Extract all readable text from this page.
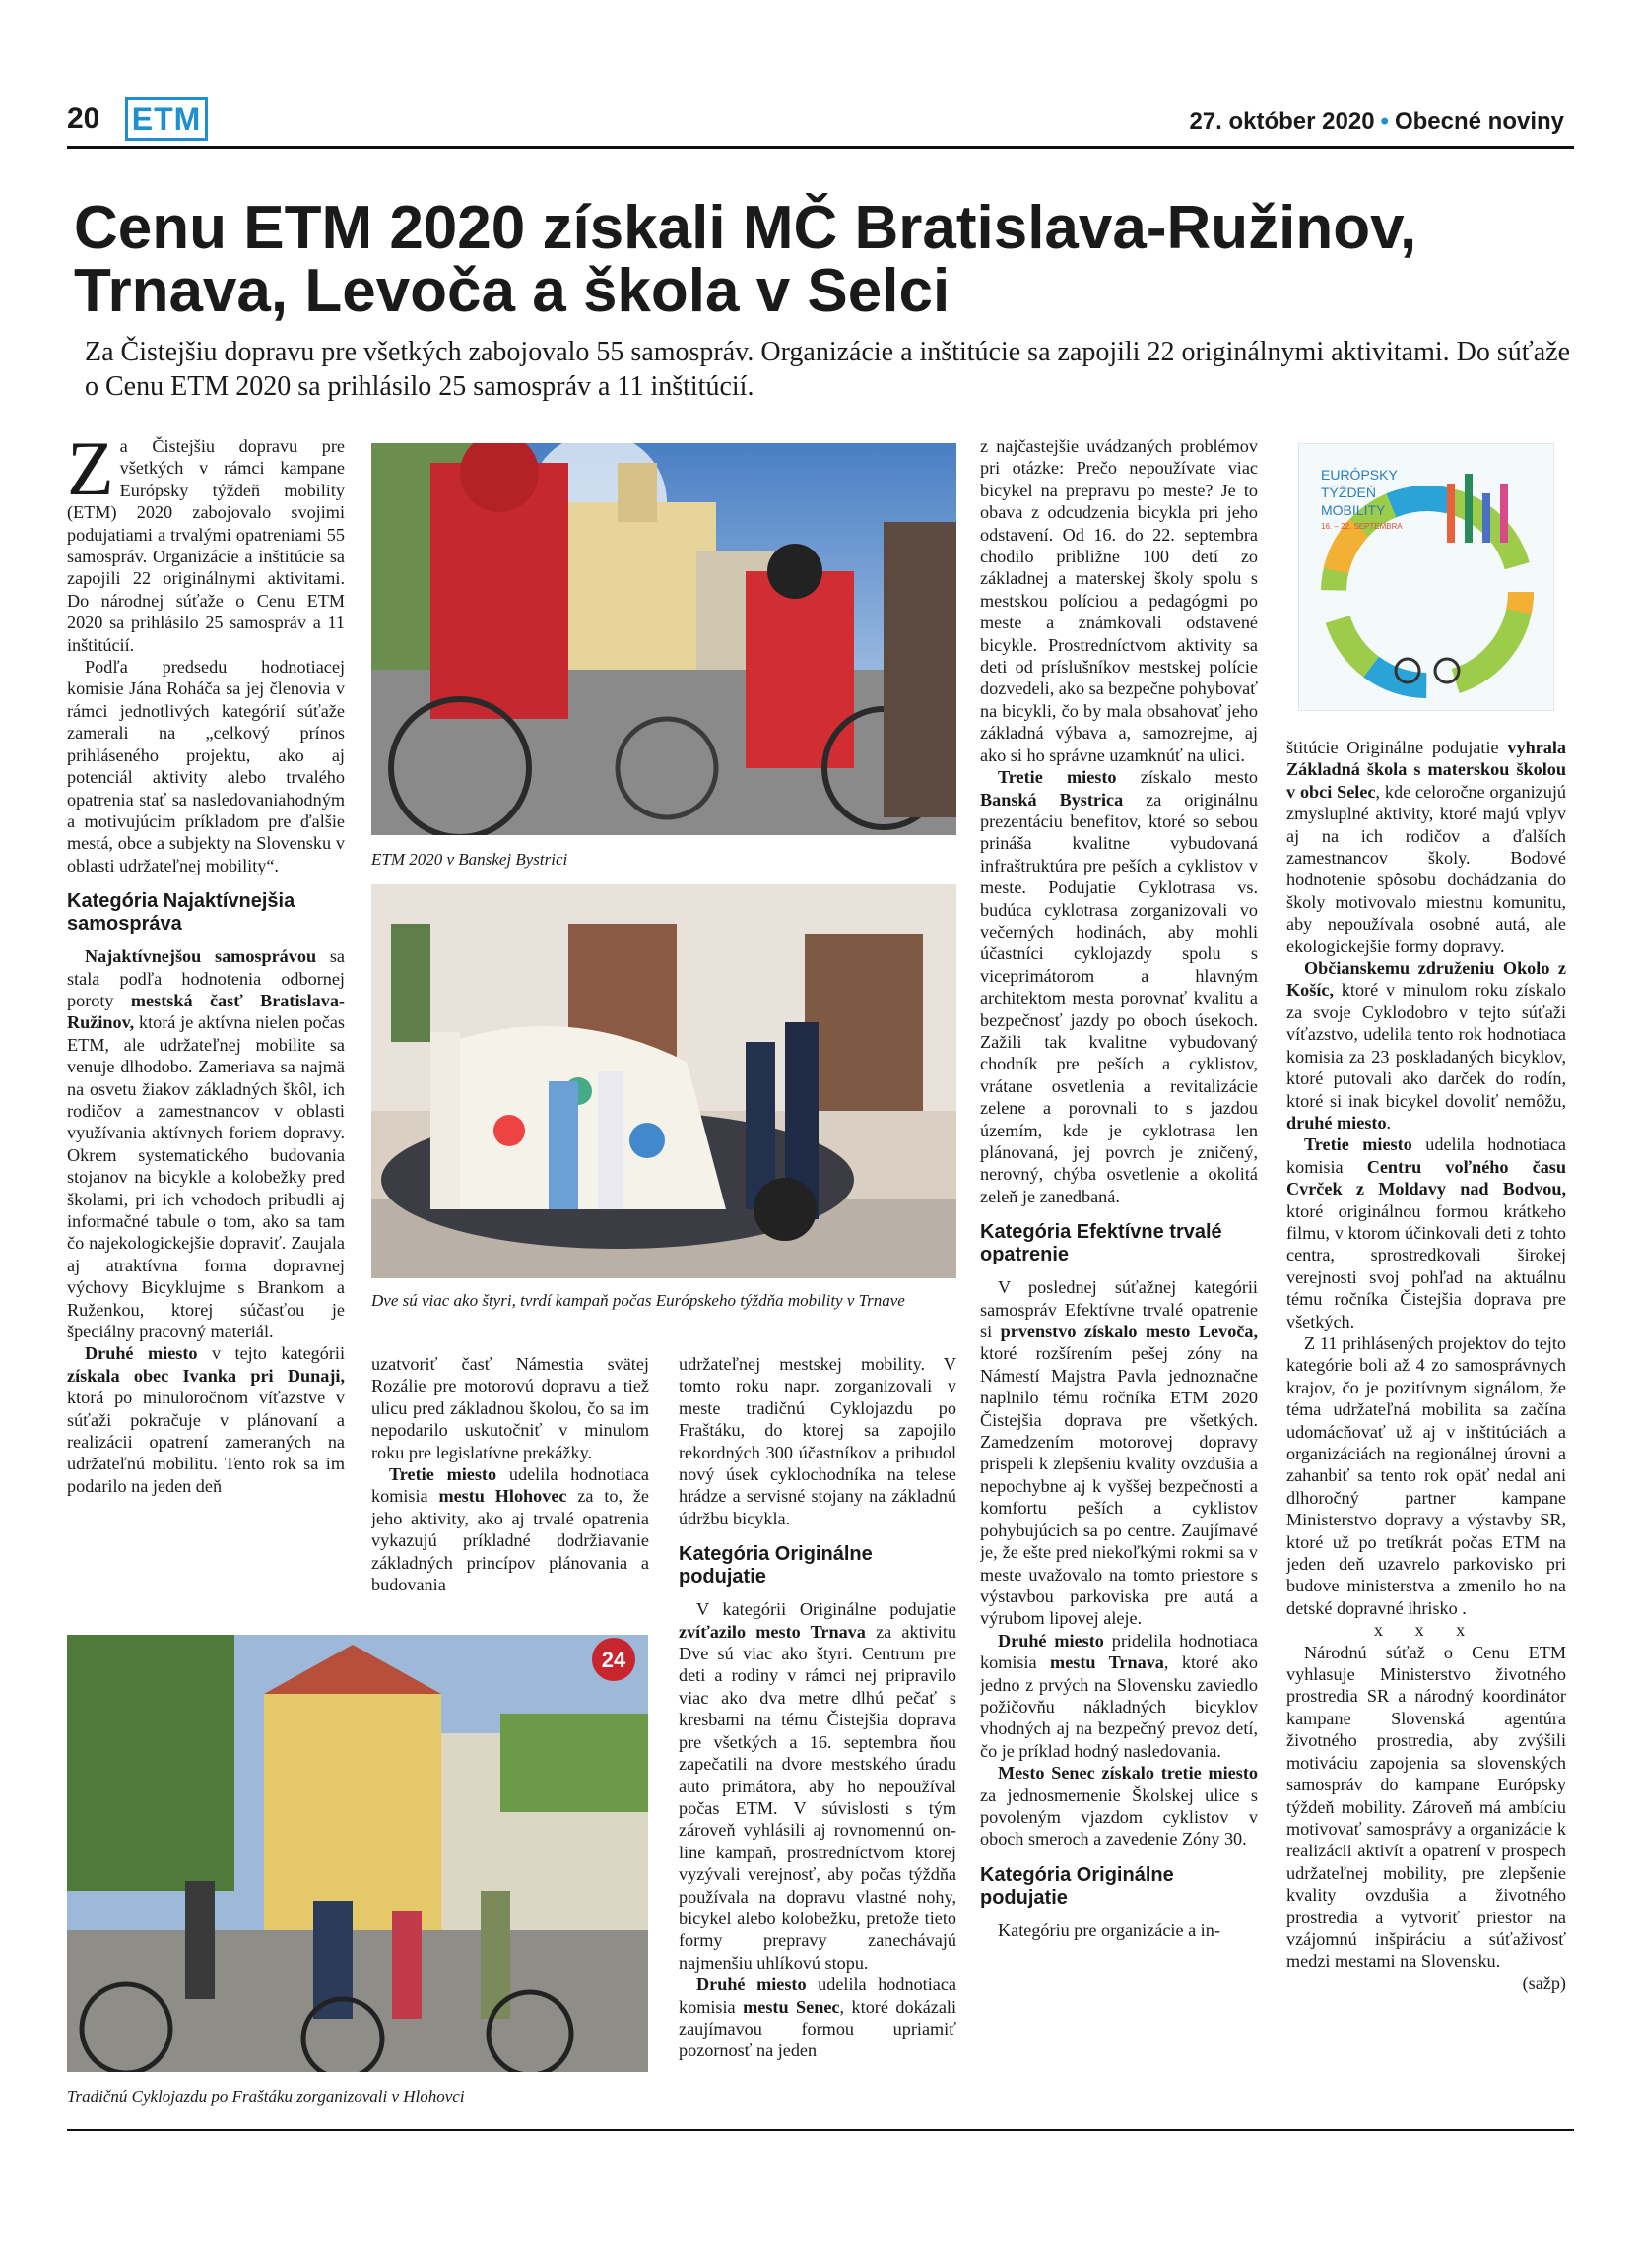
20 ETM	27. október 2020 • Obecné noviny
Cenu ETM 2020 získali MČ Bratislava-Ružinov, Trnava, Levoča a škola v Selci

Za Čistejšiu dopravu pre všetkých zabojovalo 55 samospráv. Organizácie a inštitúcie sa zapojili 22 originálnymi aktivitami. Do súťaže o Cenu ETM 2020 sa prihlásilo 25 samospráv a 11 inštitúcií.

Za Čistejšiu dopravu pre všetkých v rámci kampane Európsky týždeň mobility (ETM) 2020 zabojovalo svojimi podujatiami a trvalými opatreniami 55 samospráv. Organizácie a inštitúcie sa zapojili 22 originálnymi aktivitami. Do národnej súťaže o Cenu ETM 2020 sa prihlásilo 25 samospráv a 11 inštitúcií.

Podľa predsedu hodnotiacej komisie Jána Roháča sa jej členovia v rámci jednotlivých kategórií súťaže zamerali na „celkový prínos prihláseného projektu, ako aj potenciál aktivity alebo trvalého opatrenia stať sa nasledovaniahodným a motivujúcim príkladom pre ďalšie mestá, obce a subjekty na Slovensku v oblasti udržateľnej mobility“.

Kategória Najaktívnejšia samospráva

Najaktívnejšou samosprávou sa stala podľa hodnotenia odbornej poroty mestská časť Bratislava-Ružinov, ktorá je aktívna nielen počas ETM, ale udržateľnej mobilite sa venuje dlhodobo. Zameriava sa najmä na osvetu žiakov základných škôl, ich rodičov a zamestnancov v oblasti využívania aktívnych foriem dopravy. Okrem systematického budovania stojanov na bicykle a kolobežky pred školami, pri ich vchodoch pribudli aj informačné tabule o tom, ako sa tam čo najekologickejšie dopraviť. Zaujala aj atraktívna forma dopravnej výchovy Bicyklujme s Brankom a Ruženkou, ktorej súčasťou je špeciálny pracovný materiál.

Druhé miesto v tejto kategórii získala obec Ivanka pri Dunaji, ktorá po minuloročnom víťazstve v súťaži pokračuje v plánovaní a realizácii opatrení zameraných na udržateľnú mobilitu. Tento rok sa im podarilo na jeden deň

ETM 2020 v Banskej Bystrici
Dve sú viac ako štyri, tvrdí kampaň počas Európskeho týždňa mobility v Trnave

uzatvoriť časť Námestia svätej Rozálie pre motorovú dopravu a tiež ulicu pred základnou školou, čo sa im nepodarilo uskutočniť v minulom roku pre legislatívne prekážky.

Tretie miesto udelila hodnotiaca komisia mestu Hlohovec za to, že jeho aktivity, ako aj trvalé opatrenia vykazujú príkladné dodržiavanie základných princípov plánovania a budovania

udržateľnej mestskej mobility. V tomto roku napr. zorganizovali v meste tradičnú Cyklojazdu po Fraštáku, do ktorej sa zapojilo rekordných 300 účastníkov a pribudol nový úsek cyklochodníka na telese hrádze a servisné stojany na základnú údržbu bicykla.

Kategória Originálne podujatie

V kategórii Originálne podujatie zvíťazilo mesto Trnava za aktivitu Dve sú viac ako štyri. Centrum pre deti a rodiny v rámci nej pripravilo viac ako dva metre dlhú pečať s kresbami na tému Čistejšia doprava pre všetkých a 16. septembra ňou zapečatili na dvore mestského úradu auto primátora, aby ho nepoužíval počas ETM. V súvislosti s tým zároveň vyhlásili aj rovnomennú on-line kampaň, prostredníctvom ktorej vyzývali verejnosť, aby počas týždňa používala na dopravu vlastné nohy, bicykel alebo kolobežku, pretože tieto formy prepravy zanechávajú najmenšiu uhlíkovú stopu.

Druhé miesto udelila hodnotiaca komisia mestu Senec, ktoré dokázali zaujímavou formou upriamiť pozornosť na jeden

24
Tradičnú Cyklojazdu po Fraštáku zorganizovali v Hlohovci

z najčastejšie uvádzaných problémov pri otázke: Prečo nepoužívate viac bicykel na prepravu po meste? Je to obava z odcudzenia bicykla pri jeho odstavení. Od 16. do 22. septembra chodilo približne 100 detí zo základnej a materskej školy spolu s mestskou políciou a pedagógmi po meste a známkovali odstavené bicykle. Prostredníctvom aktivity sa deti od príslušníkov mestskej polície dozvedeli, ako sa bezpečne pohybovať na bicykli, čo by mala obsahovať jeho základná výbava a, samozrejme, aj ako si ho správne uzamknúť na ulici.

Tretie miesto získalo mesto Banská Bystrica za originálnu prezentáciu benefitov, ktoré so sebou prináša kvalitne vybudovaná infraštruktúra pre peších a cyklistov v meste. Podujatie Cyklotrasa vs. budúca cyklotrasa zorganizovali vo večerných hodinách, aby mohli účastníci cyklojazdy spolu s viceprimátorom a hlavným architektom mesta porovnať kvalitu a bezpečnosť jazdy po oboch úsekoch. Zažili tak kvalitne vybudovaný chodník pre peších a cyklistov, vrátane osvetlenia a revitalizácie zelene a porovnali to s jazdou územím, kde je cyklotrasa len plánovaná, jej povrch je zničený, nerovný, chýba osvetlenie a okolitá zeleň je zanedbaná.

Kategória Efektívne trvalé opatrenie

V poslednej súťažnej kategórii samospráv Efektívne trvalé opatrenie si prvenstvo získalo mesto Levoča, ktoré rozšírením pešej zóny na Námestí Majstra Pavla jednoznačne naplnilo tému ročníka ETM 2020 Čistejšia doprava pre všetkých. Zamedzením motorovej dopravy prispeli k zlepšeniu kvality ovzdušia a nepochybne aj k vyššej bezpečnosti a komfortu peších a cyklistov pohybujúcich sa po centre. Zaujímavé je, že ešte pred niekoľkými rokmi sa v meste uvažovalo na tomto priestore s výstavbou parkoviska pre autá a výrubom lipovej aleje.

Druhé miesto pridelila hodnotiaca komisia mestu Trnava, ktoré ako jedno z prvých na Slovensku zaviedlo požičovňu nákladných bicyklov vhodných aj na bezpečný prevoz detí, čo je príklad hodný nasledovania.

Mesto Senec získalo tretie miesto za jednosmernenie Školskej ulice s povoleným vjazdom cyklistov v oboch smeroch a zavedenie Zóny 30.

Kategória Originálne podujatie

Kategóriu pre organizácie a in-

EURÓPSKY
TÝŽDEŇ
MOBILITY
16. – 22. SEPTEMBRA

štitúcie Originálne podujatie vyhrala Základná škola s materskou školou v obci Selec, kde celoročne organizujú zmysluplné aktivity, ktoré majú vplyv aj na ich rodičov a ďalších zamestnancov školy. Bodové hodnotenie spôsobu dochádzania do školy motivovalo miestnu komunitu, aby nepoužívala osobné autá, ale ekologickejšie formy dopravy.

Občianskemu združeniu Okolo z Košíc, ktoré v minulom roku získalo za svoje Cyklodobro v tejto súťaži víťazstvo, udelila tento rok hodnotiaca komisia za 23 poskladaných bicyklov, ktoré putovali ako darček do rodín, ktoré si inak bicykel dovoliť nemôžu, druhé miesto.

Tretie miesto udelila hodnotiaca komisia Centru voľného času Cvrček z Moldavy nad Bodvou, ktoré originálnou formou krátkeho filmu, v ktorom účinkovali deti z tohto centra, sprostredkovali širokej verejnosti svoj pohľad na aktuálnu tému ročníka Čistejšia doprava pre všetkých.

Z 11 prihlásených projektov do tejto kategórie boli až 4 zo samosprávnych krajov, čo je pozitívnym signálom, že téma udržateľná mobilita sa začína udomácňovať už aj v inštitúciách a organizáciách na regionálnej úrovni a zahanbiť sa tento rok opäť nedal ani dlhoročný partner kampane Ministerstvo dopravy a výstavby SR, ktoré už po tretíkrát počas ETM na jeden deň uzavrelo parkovisko pri budove ministerstva a zmenilo ho na detské dopravné ihrisko .

x x x

Národnú súťaž o Cenu ETM vyhlasuje Ministerstvo životného prostredia SR a národný koordinátor kampane Slovenská agentúra životného prostredia, aby zvýšili motiváciu zapojenia sa slovenských samospráv do kampane Európsky týždeň mobility. Zároveň má ambíciu motivovať samosprávy a organizácie k realizácii aktivít a opatrení v prospech udržateľnej mobility, pre zlepšenie kvality ovzdušia a životného prostredia a vytvoriť priestor na vzájomnú inšpiráciu a súťaživosť medzi mestami na Slovensku.

(sažp)
